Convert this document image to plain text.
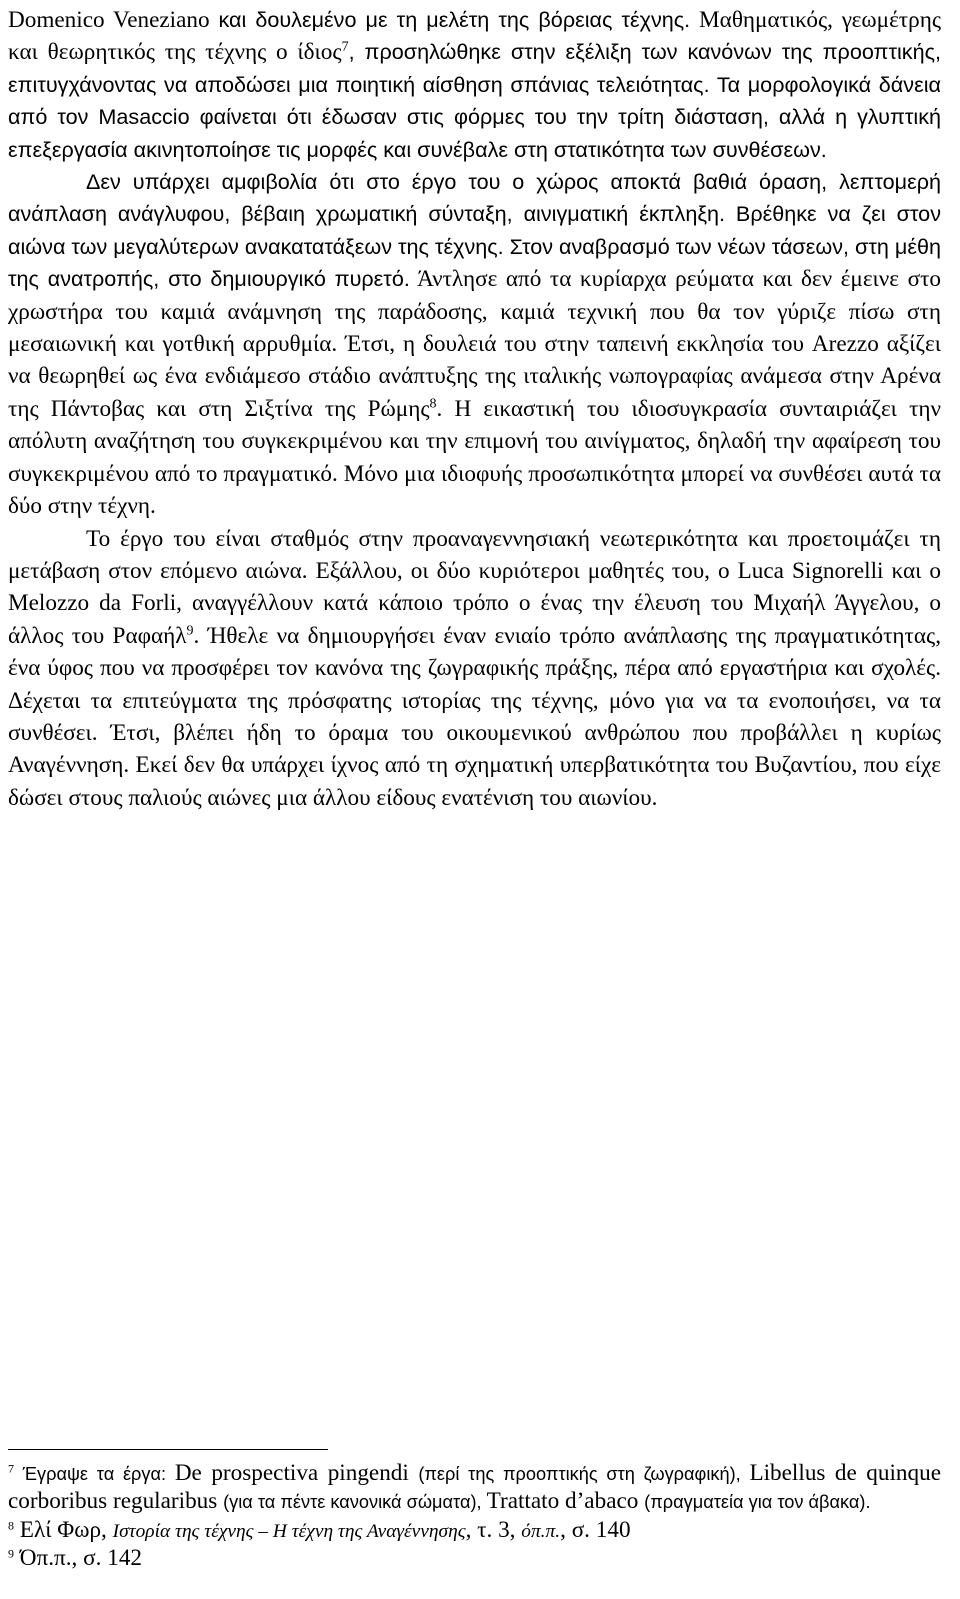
Domenico Veneziano και δουλεμένο με τη μελέτη της βόρειας τέχνης. Μαθηματικός, γεωμέτρης και θεωρητικός της τέχνης ο ίδιος$^7$, προσηλώθηκε στην εξέλιξη των κανόνων της προοπτικής, επιτυγχάνοντας να αποδώσει μια ποιητική αίσθηση σπάνιας τελειότητας. Τα μορφολογικά δάνεια από τον Masaccio φαίνεται ότι έδωσαν στις φόρμες του την τρίτη διάσταση, αλλά η γλυπτική επεξεργασία ακινητοποίησε τις μορφές και συνέβαλε στη στατικότητα των συνθέσεων.

Δεν υπάρχει αμφιβολία ότι στο έργο του ο χώρος αποκτά βαθιά όραση, λεπτομερή ανάπλαση ανάγλυφου, βέβαιη χρωματική σύνταξη, αινιγματική έκπληξη. Βρέθηκε να ζει στον αιώνα των μεγαλύτερων ανακατατάξεων της τέχνης. Στον αναβρασμό των νέων τάσεων, στη μέθη της ανατροπής, στο δημιουργικό πυρετό. Άντλησε από τα κυρίαρχα ρεύματα και δεν έμεινε στο χρωστήρα του καμιά ανάμνηση της παράδοσης, καμιά τεχνική που θα τον γύριζε πίσω στη μεσαιωνική και γοτθική αρρυθμία. Έτσι, η δουλειά του στην ταπεινή εκκλησία του Arezzo αξίζει να θεωρηθεί ως ένα ενδιάμεσο στάδιο ανάπτυξης της ιταλικής νωπογραφίας ανάμεσα στην Αρένα της Πάντοβας και στη Σιξτίνα της Ρώμης$^8$. Η εικαστική του ιδιοσυγκρασία συνταιριάζει την απόλυτη αναζήτηση του συγκεκριμένου και την επιμονή του αινίγματος, δηλαδή την αφαίρεση του συγκεκριμένου από το πραγματικό. Μόνο μια ιδιοφυής προσωπικότητα μπορεί να συνθέσει αυτά τα δύο στην τέχνη.

Το έργο του είναι σταθμός στην προαναγεννησιακή νεωτερικότητα και προετοιμάζει τη μετάβαση στον επόμενο αιώνα. Εξάλλου, οι δύο κυριότεροι μαθητές του, ο Luca Signorelli και ο Melozzo da Forli, αναγγέλλουν κατά κάποιο τρόπο ο ένας την έλευση του Μιχαήλ Άγγελου, ο άλλος του Ραφαήλ$^9$. Ήθελε να δημιουργήσει έναν ενιαίο τρόπο ανάπλασης της πραγματικότητας, ένα ύφος που να προσφέρει τον κανόνα της ζωγραφικής πράξης, πέρα από εργαστήρια και σχολές. Δέχεται τα επιτεύγματα της πρόσφατης ιστορίας της τέχνης, μόνο για να τα ενοποιήσει, να τα συνθέσει. Έτσι, βλέπει ήδη το όραμα του οικουμενικού ανθρώπου που προβάλλει η κυρίως Αναγέννηση. Εκεί δεν θα υπάρχει ίχνος από τη σχηματική υπερβατικότητα του Βυζαντίου, που είχε δώσει στους παλιούς αιώνες μια άλλου είδους ενατένιση του αιωνίου.

$^7$ Έγραψε τα έργα: De prospectiva pingendi (περί της προοπτικής στη ζωγραφική), Libellus de quinque corboribus regularibus (για τα πέντε κανονικά σώματα), Trattato d’abaco (πραγματεία για τον άβακα).

$^8$ Ελί Φωρ, Ιστορία της τέχνης – Η τέχνη της Αναγέννησης, τ. 3, όπ.π., σ. 140

$^9$ Όπ.π., σ. 142
